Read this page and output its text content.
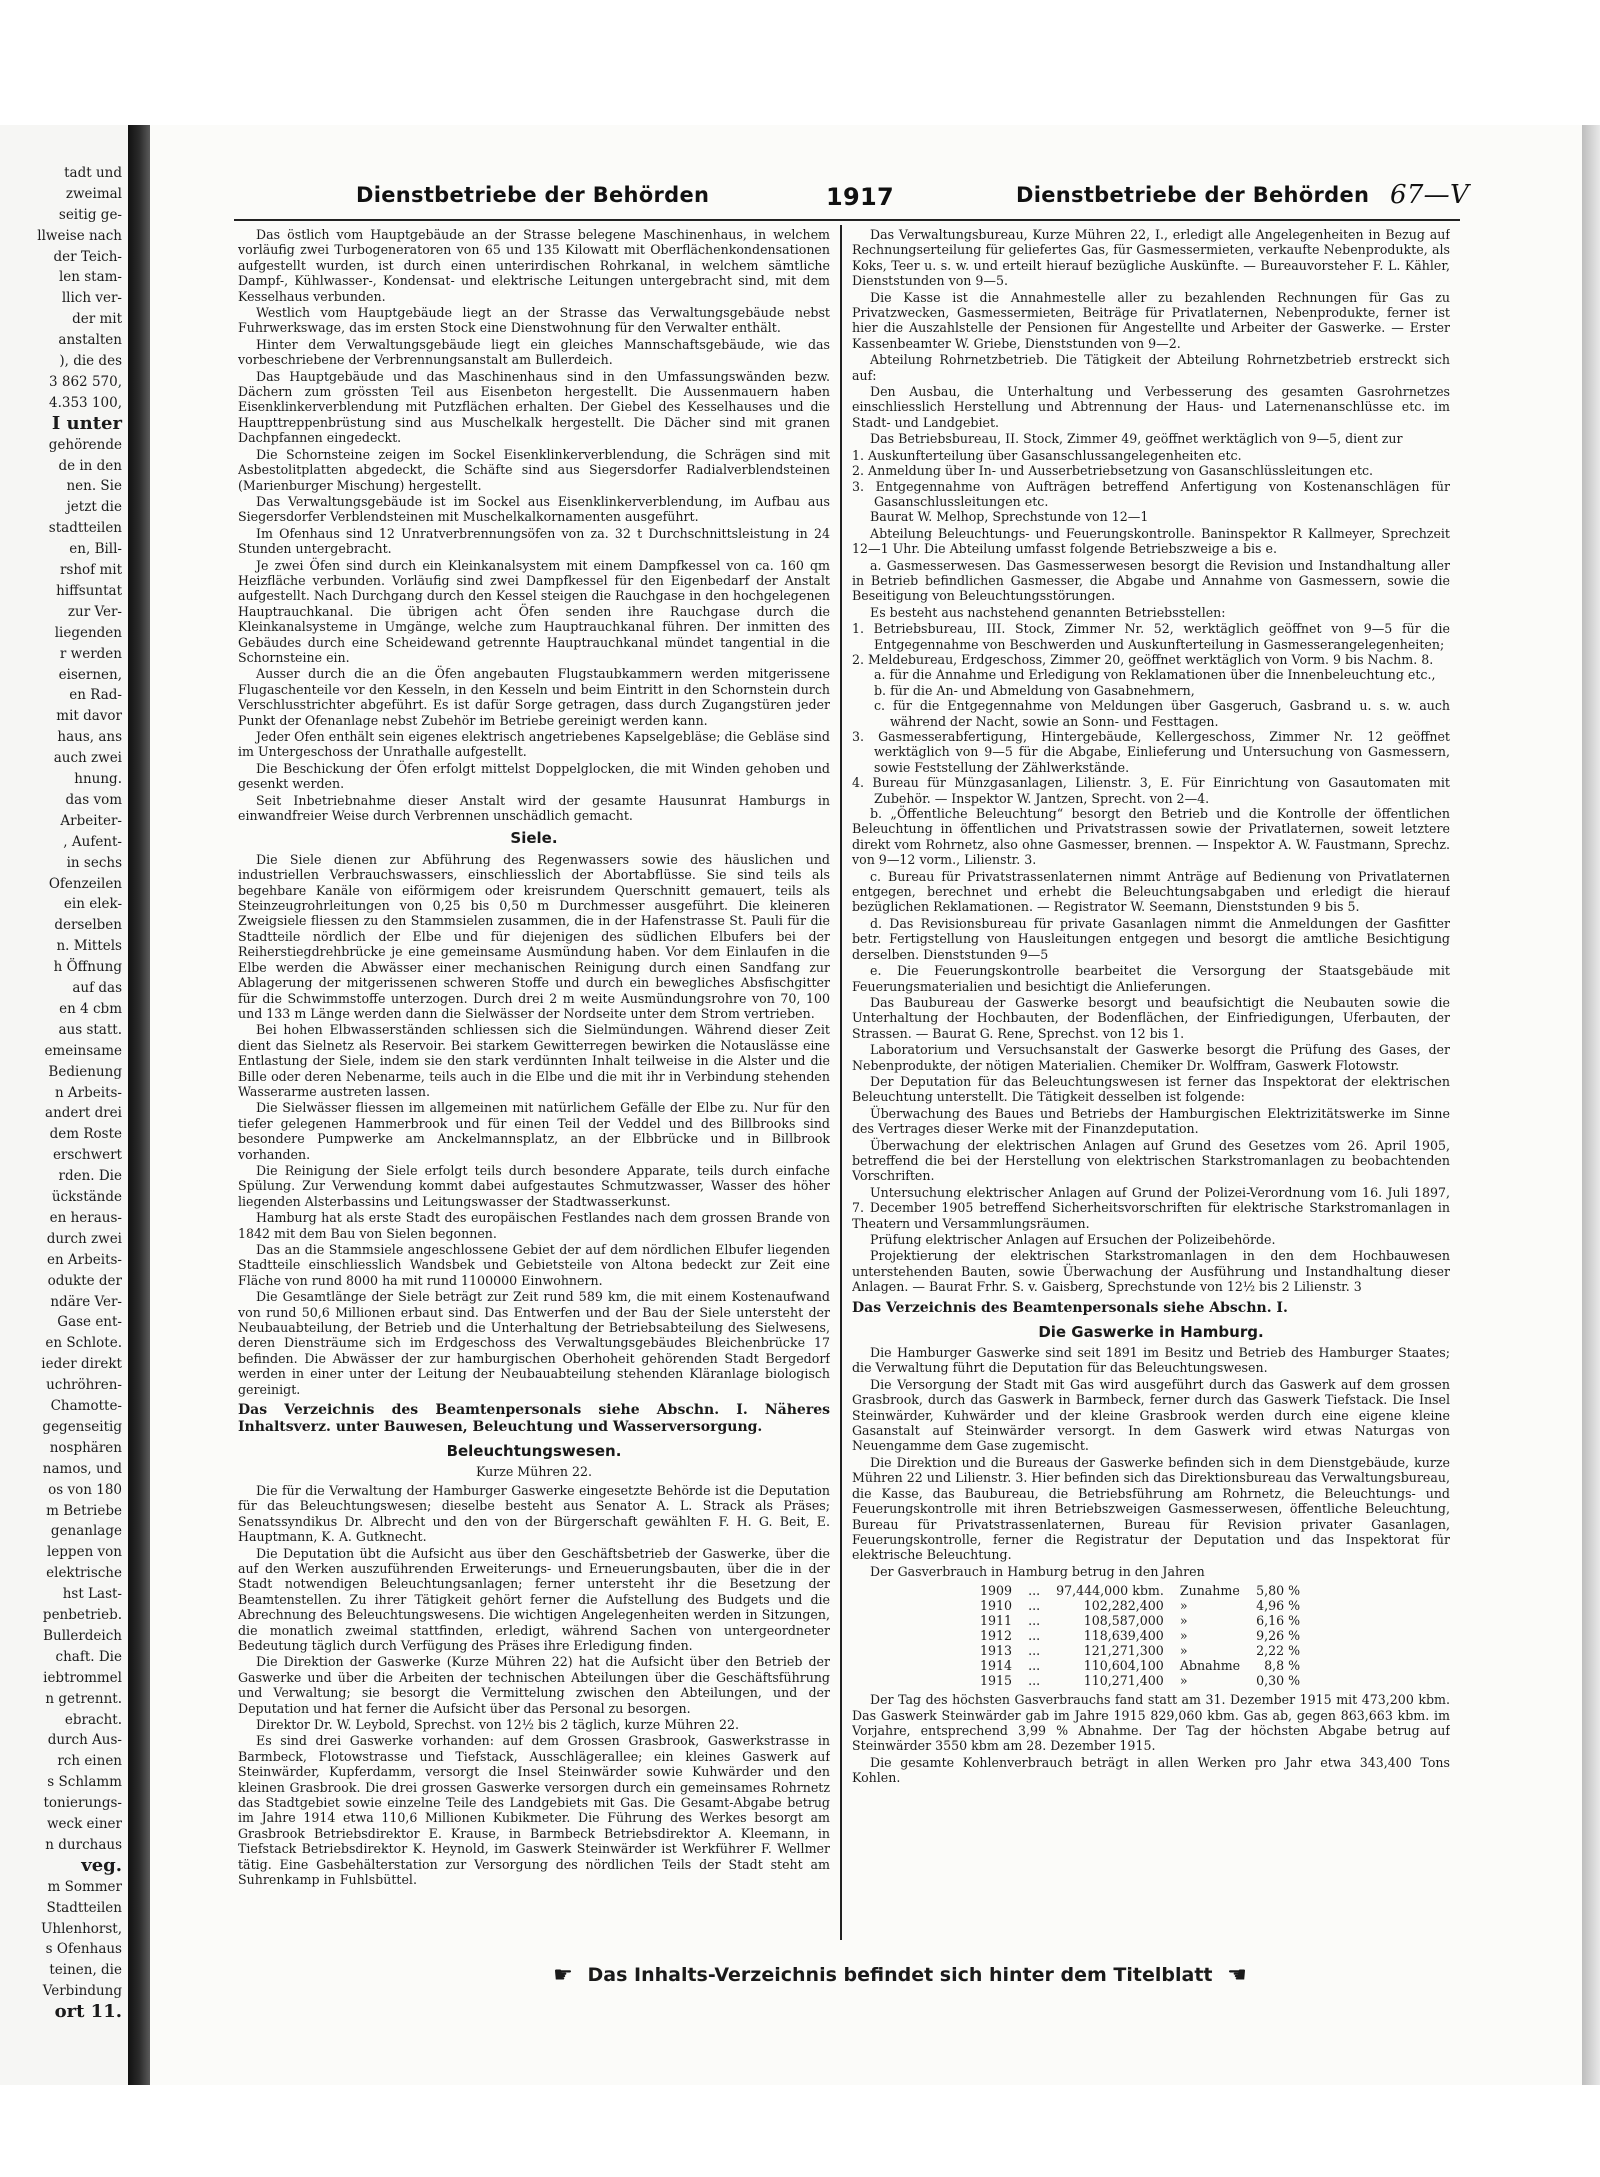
tadt und
zweimal
seitig ge-
llweise nach
der Teich-
len stam-
llich ver-
der mit
anstalten
), die des
3 862 570,
4.353 100,
I unter
gehörende
de in den
nen. Sie
jetzt die
stadtteilen
en, Bill-
rshof mit
hiffsuntat
zur Ver-
liegenden
r werden
eisernen,
en Rad-
mit davor
haus, ans
auch zwei
hnung.
das vom
Arbeiter-
, Aufent-
in sechs
Ofenzeilen
ein elek-
derselben
n. Mittels
h Öffnung
auf das
en 4 cbm
aus statt.
emeinsame
Bedienung
n Arbeits-
andert drei
dem Roste
erschwert
rden. Die
ückstände
en heraus-
durch zwei
en Arbeits-
odukte der
ndäre Ver-
Gase ent-
en Schlote.
ieder direkt
uchröhren-
Chamotte-
gegenseitig
nosphären
namos, und
os von 180
m Betriebe
genanlage
leppen von
elektrische
hst Last-
penbetrieb.
Bullerdeich
chaft. Die
iebtrommel
n getrennt.
ebracht.
durch Aus-
rch einen
s Schlamm
tonierungs-
weck einer
n durchaus
veg.
m Sommer
Stadtteilen
Uhlenhorst,
s Ofenhaus
teinen, die
Verbindung
ort 11.
Dienstbetriebe der Behörden	1917	Dienstbetriebe der Behörden 67—V

Das östlich vom Hauptgebäude an der Strasse belegene Maschinenhaus, in welchem vorläufig zwei Turbogeneratoren von 65 und 135 Kilowatt mit Oberflächenkondensationen aufgestellt wurden, ist durch einen unterirdischen Rohrkanal, in welchem sämtliche Dampf-, Kühlwasser-, Kondensat- und elektrische Leitungen untergebracht sind, mit dem Kesselhaus verbunden.

Westlich vom Hauptgebäude liegt an der Strasse das Verwaltungsgebäude nebst Fuhrwerkswage, das im ersten Stock eine Dienstwohnung für den Verwalter enthält.

Hinter dem Verwaltungsgebäude liegt ein gleiches Mannschaftsgebäude, wie das vorbeschriebene der Verbrennungsanstalt am Bullerdeich.

Das Hauptgebäude und das Maschinenhaus sind in den Umfassungswänden bezw. Dächern zum grössten Teil aus Eisenbeton hergestellt. Die Aussenmauern haben Eisenklinkerverblendung mit Putzflächen erhalten. Der Giebel des Kesselhauses und die Haupttreppenbrüstung sind aus Muschelkalk hergestellt. Die Dächer sind mit granen Dachpfannen eingedeckt.

Die Schornsteine zeigen im Sockel Eisenklinkerverblendung, die Schrägen sind mit Asbestolitplatten abgedeckt, die Schäfte sind aus Siegersdorfer Radialverblendsteinen (Marienburger Mischung) hergestellt.

Das Verwaltungsgebäude ist im Sockel aus Eisenklinkerverblendung, im Aufbau aus Siegersdorfer Verblendsteinen mit Muschelkalkornamenten ausgeführt.

Im Ofenhaus sind 12 Unratverbrennungsöfen von za. 32 t Durchschnittsleistung in 24 Stunden untergebracht.

Je zwei Öfen sind durch ein Kleinkanalsystem mit einem Dampfkessel von ca. 160 qm Heizfläche verbunden. Vorläufig sind zwei Dampfkessel für den Eigenbedarf der Anstalt aufgestellt. Nach Durchgang durch den Kessel steigen die Rauchgase in den hochgelegenen Hauptrauchkanal. Die übrigen acht Öfen senden ihre Rauchgase durch die Kleinkanalsysteme in Umgänge, welche zum Hauptrauchkanal führen. Der inmitten des Gebäudes durch eine Scheidewand getrennte Hauptrauchkanal mündet tangential in die Schornsteine ein.

Ausser durch die an die Öfen angebauten Flugstaubkammern werden mitgerissene Flugaschenteile vor den Kesseln, in den Kesseln und beim Eintritt in den Schornstein durch Verschlusstrichter abgeführt. Es ist dafür Sorge getragen, dass durch Zugangstüren jeder Punkt der Ofenanlage nebst Zubehör im Betriebe gereinigt werden kann.

Jeder Ofen enthält sein eigenes elektrisch angetriebenes Kapselgebläse; die Gebläse sind im Untergeschoss der Unrathalle aufgestellt.

Die Beschickung der Öfen erfolgt mittelst Doppelglocken, die mit Winden gehoben und gesenkt werden.

Seit Inbetriebnahme dieser Anstalt wird der gesamte Hausunrat Hamburgs in einwandfreier Weise durch Verbrennen unschädlich gemacht.

Siele.

Die Siele dienen zur Abführung des Regenwassers sowie des häuslichen und industriellen Verbrauchswassers, einschliesslich der Abortabflüsse. Sie sind teils als begehbare Kanäle von eiförmigem oder kreisrundem Querschnitt gemauert, teils als Steinzeugrohrleitungen von 0,25 bis 0,50 m Durchmesser ausgeführt. Die kleineren Zweigsiele fliessen zu den Stammsielen zusammen, die in der Hafenstrasse St. Pauli für die Stadtteile nördlich der Elbe und für diejenigen des südlichen Elbufers bei der Reiherstiegdrehbrücke je eine gemeinsame Ausmündung haben. Vor dem Einlaufen in die Elbe werden die Abwässer einer mechanischen Reinigung durch einen Sandfang zur Ablagerung der mitgerissenen schweren Stoffe und durch ein bewegliches Absfischgitter für die Schwimmstoffe unterzogen. Durch drei 2 m weite Ausmündungsrohre von 70, 100 und 133 m Länge werden dann die Sielwässer der Nordseite unter dem Strom vertrieben.

Bei hohen Elbwasserständen schliessen sich die Sielmündungen. Während dieser Zeit dient das Sielnetz als Reservoir. Bei starkem Gewitterregen bewirken die Notauslässe eine Entlastung der Siele, indem sie den stark verdünnten Inhalt teilweise in die Alster und die Bille oder deren Nebenarme, teils auch in die Elbe und die mit ihr in Verbindung stehenden Wasserarme austreten lassen.

Die Sielwässer fliessen im allgemeinen mit natürlichem Gefälle der Elbe zu. Nur für den tiefer gelegenen Hammerbrook und für einen Teil der Veddel und des Billbrooks sind besondere Pumpwerke am Anckelmannsplatz, an der Elbbrücke und in Billbrook vorhanden.

Die Reinigung der Siele erfolgt teils durch besondere Apparate, teils durch einfache Spülung. Zur Verwendung kommt dabei aufgestautes Schmutzwasser, Wasser des höher liegenden Alsterbassins und Leitungswasser der Stadtwasserkunst.

Hamburg hat als erste Stadt des europäischen Festlandes nach dem grossen Brande von 1842 mit dem Bau von Sielen begonnen.

Das an die Stammsiele angeschlossene Gebiet der auf dem nördlichen Elbufer liegenden Stadtteile einschliesslich Wandsbek und Gebietsteile von Altona bedeckt zur Zeit eine Fläche von rund 8000 ha mit rund 1100000 Einwohnern.

Die Gesamtlänge der Siele beträgt zur Zeit rund 589 km, die mit einem Kostenaufwand von rund 50,6 Millionen erbaut sind. Das Entwerfen und der Bau der Siele untersteht der Neubauabteilung, der Betrieb und die Unterhaltung der Betriebsabteilung des Sielwesens, deren Diensträume sich im Erdgeschoss des Verwaltungsgebäudes Bleichenbrücke 17 befinden. Die Abwässer der zur hamburgischen Oberhoheit gehörenden Stadt Bergedorf werden in einer unter der Leitung der Neubauabteilung stehenden Kläranlage biologisch gereinigt.

Das Verzeichnis des Beamtenpersonals siehe Abschn. I. Näheres Inhaltsverz. unter Bauwesen, Beleuchtung und Wasserversorgung.

Beleuchtungswesen.
Kurze Mühren 22.

Die für die Verwaltung der Hamburger Gaswerke eingesetzte Behörde ist die Deputation für das Beleuchtungswesen; dieselbe besteht aus Senator A. L. Strack als Präses; Senatssyndikus Dr. Albrecht und den von der Bürgerschaft gewählten F. H. G. Beit, E. Hauptmann, K. A. Gutknecht.

Die Deputation übt die Aufsicht aus über den Geschäftsbetrieb der Gaswerke, über die auf den Werken auszuführenden Erweiterungs- und Erneuerungsbauten, über die in der Stadt notwendigen Beleuchtungsanlagen; ferner untersteht ihr die Besetzung der Beamtenstellen. Zu ihrer Tätigkeit gehört ferner die Aufstellung des Budgets und die Abrechnung des Beleuchtungswesens. Die wichtigen Angelegenheiten werden in Sitzungen, die monatlich zweimal stattfinden, erledigt, während Sachen von untergeordneter Bedeutung täglich durch Verfügung des Präses ihre Erledigung finden.

Die Direktion der Gaswerke (Kurze Mühren 22) hat die Aufsicht über den Betrieb der Gaswerke und über die Arbeiten der technischen Abteilungen über die Geschäftsführung und Verwaltung; sie besorgt die Vermittelung zwischen den Abteilungen, und der Deputation und hat ferner die Aufsicht über das Personal zu besorgen.

Direktor Dr. W. Leybold, Sprechst. von 12½ bis 2 täglich, kurze Mühren 22.

Es sind drei Gaswerke vorhanden: auf dem Grossen Grasbrook, Gaswerkstrasse in Barmbeck, Flotowstrasse und Tiefstack, Ausschlägerallee; ein kleines Gaswerk auf Steinwärder, Kupferdamm, versorgt die Insel Steinwärder sowie Kuhwärder und den kleinen Grasbrook. Die drei grossen Gaswerke versorgen durch ein gemeinsames Rohrnetz das Stadtgebiet sowie einzelne Teile des Landgebiets mit Gas. Die Gesamt-Abgabe betrug im Jahre 1914 etwa 110,6 Millionen Kubikmeter. Die Führung des Werkes besorgt am Grasbrook Betriebsdirektor E. Krause, in Barmbeck Betriebsdirektor A. Kleemann, in Tiefstack Betriebsdirektor K. Heynold, im Gaswerk Steinwärder ist Werkführer F. Wellmer tätig. Eine Gasbehälterstation zur Versorgung des nördlichen Teils der Stadt steht am Suhrenkamp in Fuhlsbüttel.

Das Verwaltungsbureau, Kurze Mühren 22, I., erledigt alle Angelegenheiten in Bezug auf Rechnungserteilung für geliefertes Gas, für Gasmessermieten, verkaufte Nebenprodukte, als Koks, Teer u. s. w. und erteilt hierauf bezügliche Auskünfte. — Bureauvorsteher F. L. Kähler, Dienststunden von 9—5.

Die Kasse ist die Annahmestelle aller zu bezahlenden Rechnungen für Gas zu Privatzwecken, Gasmessermieten, Beiträge für Privatlaternen, Nebenprodukte, ferner ist hier die Auszahlstelle der Pensionen für Angestellte und Arbeiter der Gaswerke. — Erster Kassenbeamter W. Griebe, Dienststunden von 9—2.

Abteilung Rohrnetzbetrieb. Die Tätigkeit der Abteilung Rohrnetzbetrieb erstreckt sich auf:

Den Ausbau, die Unterhaltung und Verbesserung des gesamten Gasrohrnetzes einschliesslich Herstellung und Abtrennung der Haus- und Laternenanschlüsse etc. im Stadt- und Landgebiet.

Das Betriebsbureau, II. Stock, Zimmer 49, geöffnet werktäglich von 9—5, dient zur

1. Auskunfterteilung über Gasanschlussangelegenheiten etc.
2. Anmeldung über In- und Ausserbetriebsetzung von Gasanschlüssleitungen etc.
3. Entgegennahme von Aufträgen betreffend Anfertigung von Kostenanschlägen für Gasanschlussleitungen etc.

Baurat W. Melhop, Sprechstunde von 12—1

Abteilung Beleuchtungs- und Feuerungskontrolle. Baninspektor R Kallmeyer, Sprechzeit 12—1 Uhr. Die Abteilung umfasst folgende Betriebszweige a bis e.

a. Gasmesserwesen. Das Gasmesserwesen besorgt die Revision und Instandhaltung aller in Betrieb befindlichen Gasmesser, die Abgabe und Annahme von Gasmessern, sowie die Beseitigung von Beleuchtungsstörungen.

Es besteht aus nachstehend genannten Betriebsstellen:

1. Betriebsbureau, III. Stock, Zimmer Nr. 52, werktäglich geöffnet von 9—5 für die Entgegennahme von Beschwerden und Auskunfterteilung in Gasmesserangelegenheiten;
2. Meldebureau, Erdgeschoss, Zimmer 20, geöffnet werktäglich von Vorm. 9 bis Nachm. 8.
a. für die Annahme und Erledigung von Reklamationen über die Innenbeleuchtung etc.,
b. für die An- und Abmeldung von Gasabnehmern,
c. für die Entgegennahme von Meldungen über Gasgeruch, Gasbrand u. s. w. auch während der Nacht, sowie an Sonn- und Festtagen.
3. Gasmesserabfertigung, Hintergebäude, Kellergeschoss, Zimmer Nr. 12 geöffnet werktäglich von 9—5 für die Abgabe, Einlieferung und Untersuchung von Gasmessern, sowie Feststellung der Zählwerkstände.
4. Bureau für Münzgasanlagen, Lilienstr. 3, E. Für Einrichtung von Gasautomaten mit Zubehör. — Inspektor W. Jantzen, Sprecht. von 2—4.

b. „Öffentliche Beleuchtung“ besorgt den Betrieb und die Kontrolle der öffentlichen Beleuchtung in öffentlichen und Privatstrassen sowie der Privatlaternen, soweit letztere direkt vom Rohrnetz, also ohne Gasmesser, brennen. — Inspektor A. W. Faustmann, Sprechz. von 9—12 vorm., Lilienstr. 3.

c. Bureau für Privatstrassenlaternen nimmt Anträge auf Bedienung von Privatlaternen entgegen, berechnet und erhebt die Beleuchtungsabgaben und erledigt die hierauf bezüglichen Reklamationen. — Registrator W. Seemann, Dienststunden 9 bis 5.

d. Das Revisionsbureau für private Gasanlagen nimmt die Anmeldungen der Gasfitter betr. Fertigstellung von Hausleitungen entgegen und besorgt die amtliche Besichtigung derselben. Dienststunden 9—5

e. Die Feuerungskontrolle bearbeitet die Versorgung der Staatsgebäude mit Feuerungsmaterialien und besichtigt die Anlieferungen.

Das Baubureau der Gaswerke besorgt und beaufsichtigt die Neubauten sowie die Unterhaltung der Hochbauten, der Bodenflächen, der Einfriedigungen, Uferbauten, der Strassen. — Baurat G. Rene, Sprechst. von 12 bis 1.

Laboratorium und Versuchsanstalt der Gaswerke besorgt die Prüfung des Gases, der Nebenprodukte, der nötigen Materialien. Chemiker Dr. Wolffram, Gaswerk Flotowstr.

Der Deputation für das Beleuchtungswesen ist ferner das Inspektorat der elektrischen Beleuchtung unterstellt. Die Tätigkeit desselben ist folgende:

Überwachung des Baues und Betriebs der Hamburgischen Elektrizitätswerke im Sinne des Vertrages dieser Werke mit der Finanzdeputation.

Überwachung der elektrischen Anlagen auf Grund des Gesetzes vom 26. April 1905, betreffend die bei der Herstellung von elektrischen Starkstromanlagen zu beobachtenden Vorschriften.

Untersuchung elektrischer Anlagen auf Grund der Polizei-Verordnung vom 16. Juli 1897, 7. December 1905 betreffend Sicherheitsvorschriften für elektrische Starkstromanlagen in Theatern und Versammlungsräumen.

Prüfung elektrischer Anlagen auf Ersuchen der Polizeibehörde.

Projektierung der elektrischen Starkstromanlagen in den dem Hochbauwesen unterstehenden Bauten, sowie Überwachung der Ausführung und Instandhaltung dieser Anlagen. — Baurat Frhr. S. v. Gaisberg, Sprechstunde von 12½ bis 2 Lilienstr. 3

Das Verzeichnis des Beamtenpersonals siehe Abschn. I.

Die Gaswerke in Hamburg.

Die Hamburger Gaswerke sind seit 1891 im Besitz und Betrieb des Hamburger Staates; die Verwaltung führt die Deputation für das Beleuchtungswesen.

Die Versorgung der Stadt mit Gas wird ausgeführt durch das Gaswerk auf dem grossen Grasbrook, durch das Gaswerk in Barmbeck, ferner durch das Gaswerk Tiefstack. Die Insel Steinwärder, Kuhwärder und der kleine Grasbrook werden durch eine eigene kleine Gasanstalt auf Steinwärder versorgt. In dem Gaswerk wird etwas Naturgas von Neuengamme dem Gase zugemischt.

Die Direktion und die Bureaus der Gaswerke befinden sich in dem Dienstgebäude, kurze Mühren 22 und Lilienstr. 3. Hier befinden sich das Direktionsbureau das Verwaltungsbureau, die Kasse, das Baubureau, die Betriebsführung am Rohrnetz, die Beleuchtungs- und Feuerungskontrolle mit ihren Betriebszweigen Gasmesserwesen, öffentliche Beleuchtung, Bureau für Privatstrassenlaternen, Bureau für Revision privater Gasanlagen, Feuerungskontrolle, ferner die Registratur der Deputation und das Inspektorat für elektrische Beleuchtung.

Der Gasverbrauch in Hamburg betrug in den Jahren

1909	...	97,444,000 kbm.	Zunahme	5,80 %
1910	...	102,282,400	»	4,96 %
1911	...	108,587,000	»	6,16 %
1912	...	118,639,400	»	9,26 %
1913	...	121,271,300	»	2,22 %
1914	...	110,604,100	Abnahme	8,8 %
1915	...	110,271,400	»	0,30 %

Der Tag des höchsten Gasverbrauchs fand statt am 31. Dezember 1915 mit 473,200 kbm. Das Gaswerk Steinwärder gab im Jahre 1915 829,060 kbm. Gas ab, gegen 863,663 kbm. im Vorjahre, entsprechend 3,99 % Abnahme. Der Tag der höchsten Abgabe betrug auf Steinwärder 3550 kbm am 28. Dezember 1915.

Die gesamte Kohlenverbrauch beträgt in allen Werken pro Jahr etwa 343,400 Tons Kohlen.

☛ Das Inhalts-Verzeichnis befindet sich hinter dem Titelblatt ☚
